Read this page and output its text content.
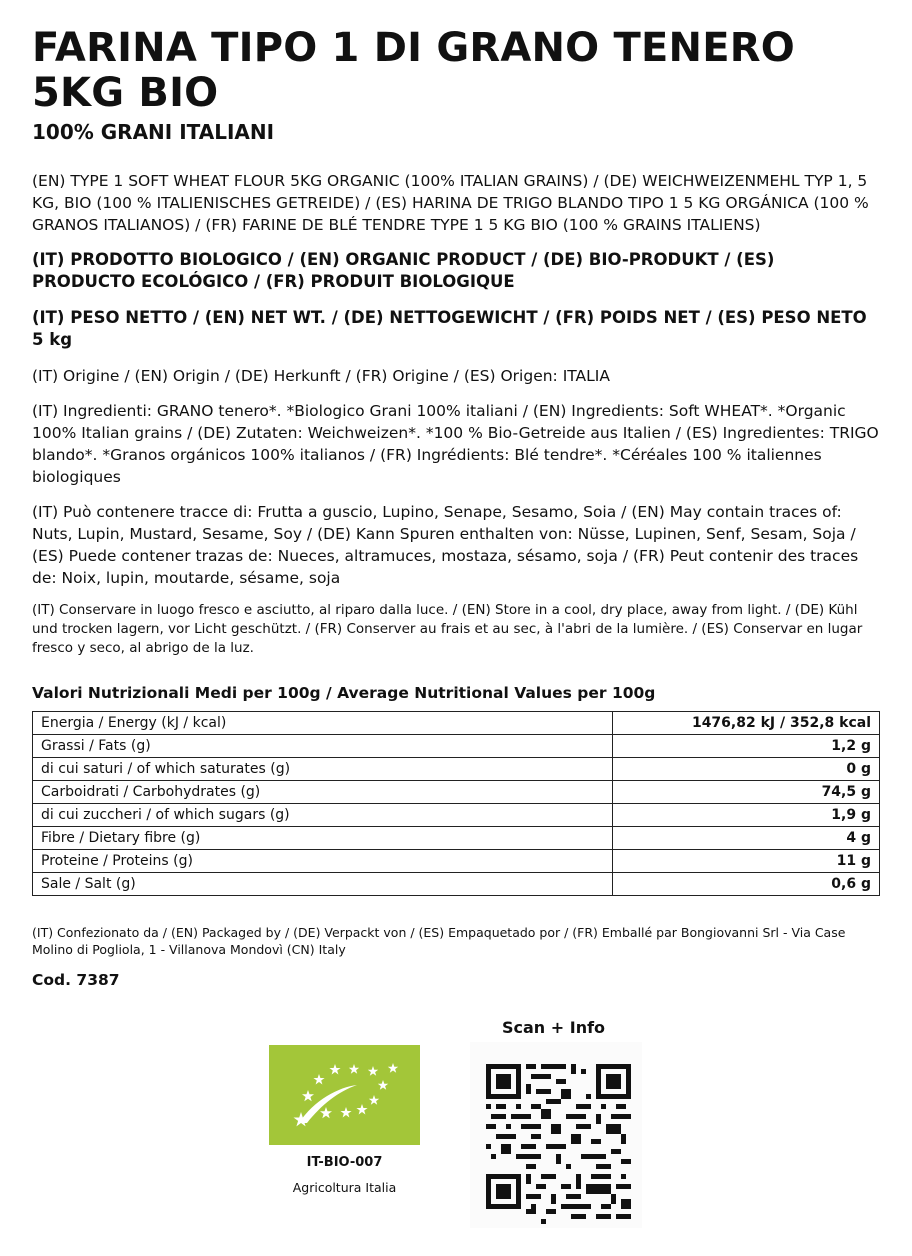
FARINA TIPO 1 DI GRANO TENERO 5KG BIO
100% GRANI ITALIANI

(EN) TYPE 1 SOFT WHEAT FLOUR 5KG ORGANIC (100% ITALIAN GRAINS) / (DE) WEICHWEIZENMEHL TYP 1, 5 KG, BIO (100 % ITALIENISCHES GETREIDE) / (ES) HARINA DE TRIGO BLANDO TIPO 1 5 KG ORGÁNICA (100 % GRANOS ITALIANOS) / (FR) FARINE DE BLÉ TENDRE TYPE 1 5 KG BIO (100 % GRAINS ITALIENS)

(IT) PRODOTTO BIOLOGICO / (EN) ORGANIC PRODUCT / (DE) BIO-PRODUKT / (ES) PRODUCTO ECOLÓGICO / (FR) PRODUIT BIOLOGIQUE

(IT) PESO NETTO / (EN) NET WT. / (DE) NETTOGEWICHT / (FR) POIDS NET / (ES) PESO NETO 5 kg

(IT) Origine / (EN) Origin / (DE) Herkunft / (FR) Origine / (ES) Origen: ITALIA

(IT) Ingredienti: GRANO tenero*. *Biologico Grani 100% italiani / (EN) Ingredients: Soft WHEAT*. *Organic 100% Italian grains / (DE) Zutaten: Weichweizen*. *100 % Bio-Getreide aus Italien / (ES) Ingredientes: TRIGO blando*. *Granos orgánicos 100% italianos / (FR) Ingrédients: Blé tendre*. *Céréales 100 % italiennes biologiques

(IT) Può contenere tracce di: Frutta a guscio, Lupino, Senape, Sesamo, Soia / (EN) May contain traces of: Nuts, Lupin, Mustard, Sesame, Soy / (DE) Kann Spuren enthalten von: Nüsse, Lupinen, Senf, Sesam, Soja / (ES) Puede contener trazas de: Nueces, altramuces, mostaza, sésamo, soja / (FR) Peut contenir des traces de: Noix, lupin, moutarde, sésame, soja

(IT) Conservare in luogo fresco e asciutto, al riparo dalla luce. / (EN) Store in a cool, dry place, away from light. / (DE) Kühl und trocken lagern, vor Licht geschützt. / (FR) Conserver au frais et au sec, à l'abri de la lumière. / (ES) Conservar en lugar fresco y seco, al abrigo de la luz.

Valori Nutrizionali Medi per 100g / Average Nutritional Values per 100g
Energia / Energy (kJ / kcal)	1476,82 kJ / 352,8 kcal
Grassi / Fats (g)	1,2 g
di cui saturi / of which saturates (g)	0 g
Carboidrati / Carbohydrates (g)	74,5 g
di cui zuccheri / of which sugars (g)	1,9 g
Fibre / Dietary fibre (g)	4 g
Proteine / Proteins (g)	11 g
Sale / Salt (g)	0,6 g

(IT) Confezionato da / (EN) Packaged by / (DE) Verpackt von / (ES) Empaquetado por / (FR) Emballé par Bongiovanni Srl - Via Case Molino di Pogliola, 1 - Villanova Mondovì (CN) Italy

Cod. 7387
Scan + Info
IT-BIO-007
Agricoltura Italia
